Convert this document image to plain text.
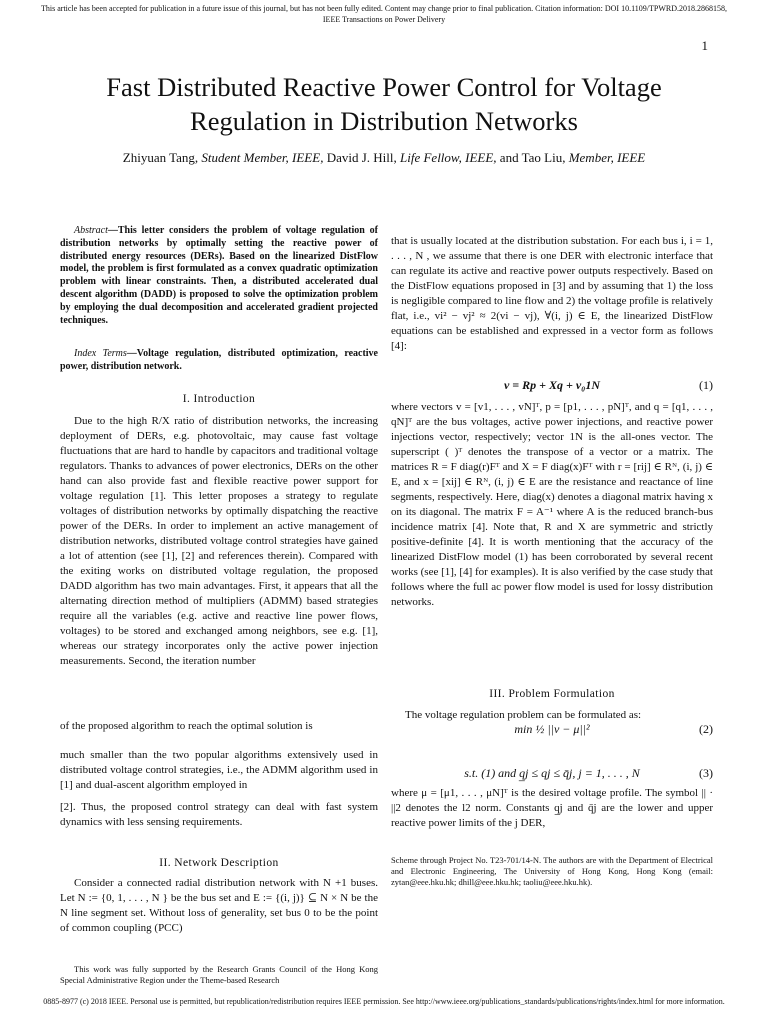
This article has been accepted for publication in a future issue of this journal, but has not been fully edited. Content may change prior to final publication. Citation information: DOI 10.1109/TPWRD.2018.2868158,
IEEE Transactions on Power Delivery
1
Fast Distributed Reactive Power Control for Voltage
Regulation in Distribution Networks
Zhiyuan Tang, Student Member, IEEE, David J. Hill, Life Fellow, IEEE, and Tao Liu, Member, IEEE

Abstract—This letter considers the problem of voltage regulation of distribution networks by optimally setting the reactive power of distributed energy resources (DERs). Based on the linearized DistFlow model, the problem is first formulated as a convex quadratic optimization problem with linear constraints. Then, a distributed accelerated dual descent algorithm (DADD) is proposed to solve the optimization problem by employing the dual decomposition and accelerated gradient projected techniques.

Index Terms—Voltage regulation, distributed optimization, reactive power, distribution network.

I. Introduction

Due to the high R/X ratio of distribution networks, the increasing deployment of DERs, e.g. photovoltaic, may cause fast voltage fluctuations that are hard to handle by capacitors and traditional voltage regulators. Thanks to advances of power electronics, DERs on the other hand can also provide fast and flexible reactive power support for voltage regulation [1]. This letter proposes a strategy to regulate voltages of distribution networks by optimally dispatching the reactive power of the DERs. In order to implement an active management of distribution networks, distributed voltage control strategies have gained a lot of attention (see [1], [2] and references therein). Compared with the exiting works on distributed voltage regulation, the proposed DADD algorithm has two main advantages. First, it appears that all the alternating direction method of multipliers (ADMM) based strategies require all the variables (e.g. active and reactive line power flows, voltages) to be stored and exchanged among neighbors, see e.g. [1], whereas our strategy incorporates only the active power injection measurements. Second, the iteration number

of the proposed algorithm to reach the optimal solution is
much smaller than the two popular algorithms extensively used in distributed voltage control strategies, i.e., the ADMM algorithm used in [1] and dual-ascent algorithm employed in
[2]. Thus, the proposed control strategy can deal with fast system dynamics with less sensing requirements.
II. Network Description

Consider a connected radial distribution network with N +1 buses. Let N := {0, 1, . . . , N } be the bus set and E := {(i, j)} ⊆ N × N be the N line segment set. Without loss of generality, set bus 0 to be the point of common coupling (PCC)

This work was fully supported by the Research Grants Council of the Hong Kong Special Administrative Region under the Theme-based Research

that is usually located at the distribution substation. For each bus i, i = 1, . . . , N , we assume that there is one DER with electronic interface that can regulate its active and reactive power outputs respectively. Based on the DistFlow equations proposed in [3] and by assuming that 1) the loss is negligible compared to line flow and 2) the voltage profile is relatively flat, i.e., vi² − vj² ≈ 2(vi − vj), ∀(i, j) ∈ E, the linearized DistFlow equations can be established and expressed in a vector form as follows [4]:
v = Rp + Xq + v₀1N	(1)
where vectors v = [v1, . . . , vN]ᵀ, p = [p1, . . . , pN]ᵀ, and q = [q1, . . . , qN]ᵀ are the bus voltages, active power injections, and reactive power injections vector, respectively; vector 1N is the all-ones vector. The superscript ( )ᵀ denotes the transpose of a vector or a matrix. The matrices R = F diag(r)Fᵀ and X = F diag(x)Fᵀ with r = [rij] ∈ Rᴺ, (i, j) ∈ E, and x = [xij] ∈ Rᴺ, (i, j) ∈ E are the resistance and reactance of line segments, respectively. Here, diag(x) denotes a diagonal matrix having x on its diagonal. The matrix F = A⁻¹ where A is the reduced branch-bus incidence matrix [4]. Note that, R and X are symmetric and strictly positive-definite [4]. It is worth mentioning that the accuracy of the linearized DistFlow model (1) has been corroborated by several recent works (see [1], [4] for examples). It is also verified by the case study that follows where the full ac power flow model is used for lossy distribution networks.
III. Problem Formulation

The voltage regulation problem can be formulated as:

min ½ ||v − μ||²	(2)
s.t. (1) and q̲j ≤ qj ≤ q̄j, j = 1, . . . , N	(3)
where μ = [μ1, . . . , μN]ᵀ is the desired voltage profile. The symbol || · ||2 denotes the l2 norm. Constants q̲j and q̄j are the lower and upper reactive power limits of the j DER,
Scheme through Project No. T23-701/14-N. The authors are with the Department of Electrical and Electronic Engineering, The University of Hong Kong, Hong Kong (email: zytan@eee.hku.hk; dhill@eee.hku.hk; taoliu@eee.hku.hk).
0885-8977 (c) 2018 IEEE. Personal use is permitted, but republication/redistribution requires IEEE permission. See http://www.ieee.org/publications_standards/publications/rights/index.html for more information.
